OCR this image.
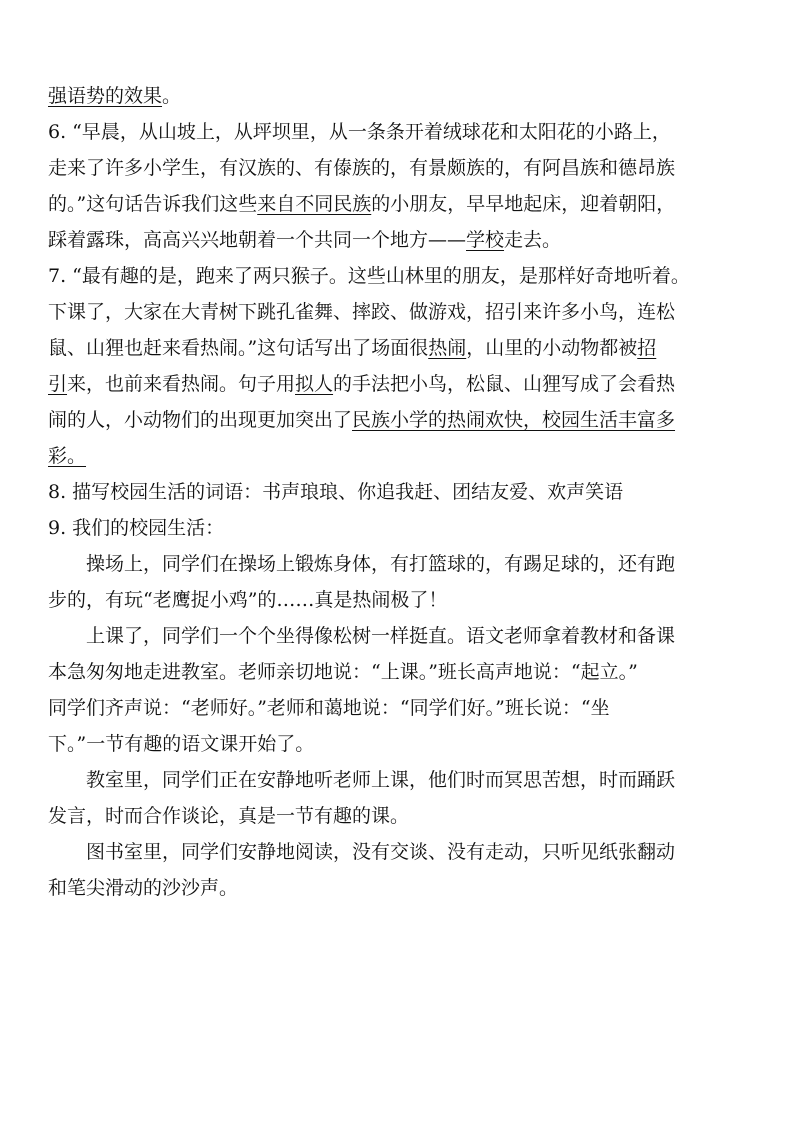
强语势的效果。
6. “早晨，从山坡上，从坪坝里，从一条条开着绒球花和太阳花的小路上，
走来了许多小学生，有汉族的、有傣族的，有景颇族的，有阿昌族和德昂族
的。”这句话告诉我们这些来自不同民族的小朋友，早早地起床，迎着朝阳，
踩着露珠，高高兴兴地朝着一个共同一个地方——学校走去。
7. “最有趣的是，跑来了两只猴子。这些山林里的朋友，是那样好奇地听着。
下课了，大家在大青树下跳孔雀舞、摔跤、做游戏，招引来许多小鸟，连松
鼠、山狸也赶来看热闹。”这句话写出了场面很热闹，山里的小动物都被招
引来，也前来看热闹。句子用拟人的手法把小鸟，松鼠、山狸写成了会看热
闹的人，小动物们的出现更加突出了民族小学的热闹欢快，校园生活丰富多
彩。
8. 描写校园生活的词语：书声琅琅、你追我赶、团结友爱、欢声笑语
9. 我们的校园生活：
操场上，同学们在操场上锻炼身体，有打篮球的，有踢足球的，还有跑
步的，有玩“老鹰捉小鸡”的……真是热闹极了！
上课了，同学们一个个坐得像松树一样挺直。语文老师拿着教材和备课
本急匆匆地走进教室。老师亲切地说：“上课。”班长高声地说：“起立。”
同学们齐声说：“老师好。”老师和蔼地说：“同学们好。”班长说：“坐
下。”一节有趣的语文课开始了。
教室里，同学们正在安静地听老师上课，他们时而冥思苦想，时而踊跃
发言，时而合作谈论，真是一节有趣的课。
图书室里，同学们安静地阅读，没有交谈、没有走动，只听见纸张翻动
和笔尖滑动的沙沙声。
